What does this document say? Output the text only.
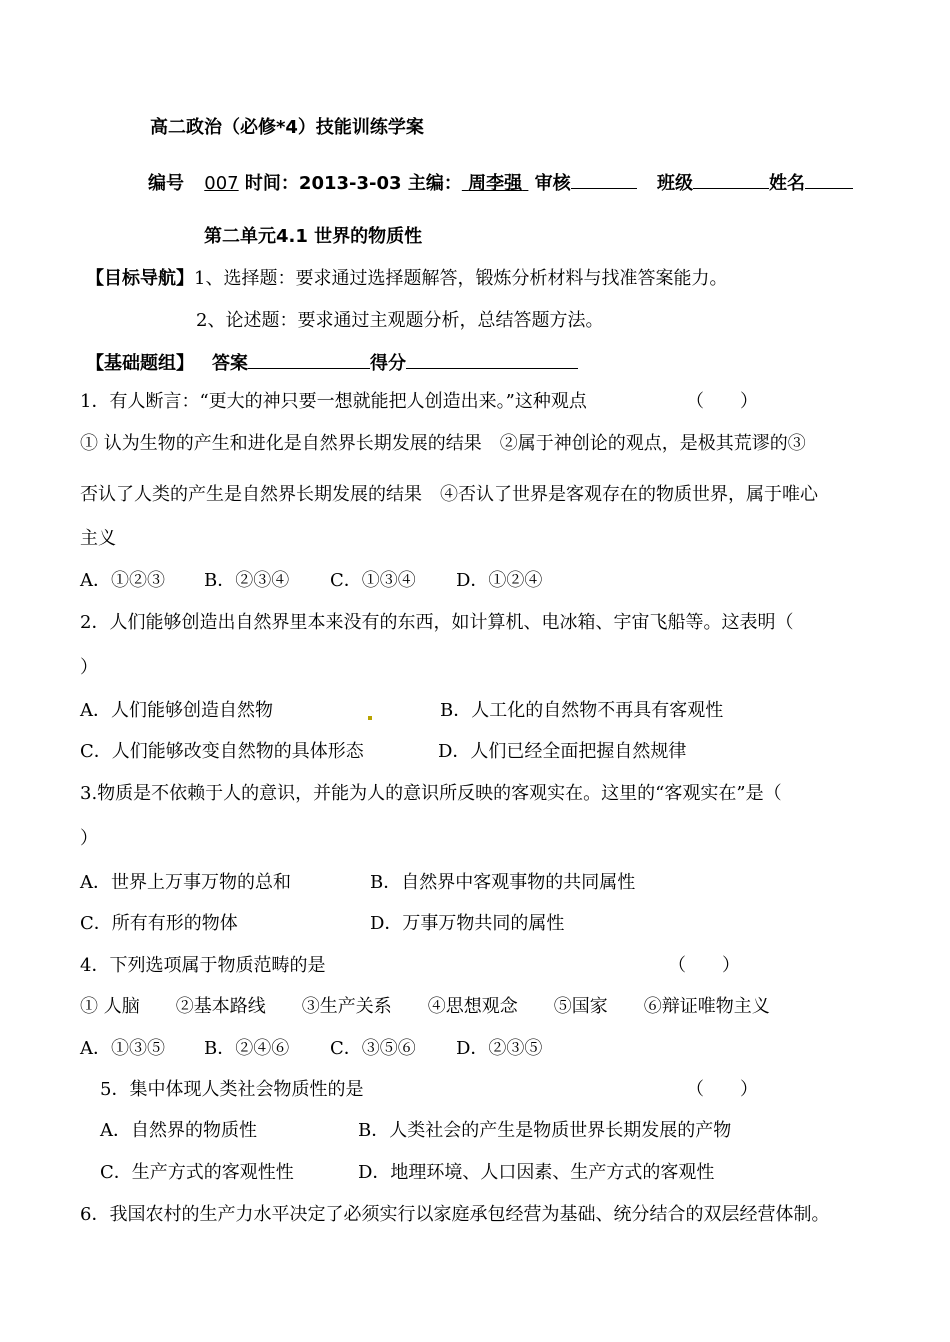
高二政治（必修*4）技能训练学案
编号 007 时间：2013-3-03 主编： 周李强 审核	班级	姓名
第二单元4.1 世界的物质性
【目标导航】1、选择题：要求通过选择题解答，锻炼分析材料与找准答案能力。
2、论述题：要求通过主观题分析，总结答题方法。
【基础题组】 答案	得分
1．有人断言：“更大的神只要一想就能把人创造出来。”这种观点	（　　）
① 认为生物的产生和进化是自然界长期发展的结果　②属于神创论的观点，是极其荒谬的③
否认了人类的产生是自然界长期发展的结果　④否认了世界是客观存在的物质世界，属于唯心
主义
A．①②③ B．②③④ C．①③④ D．①②④
2．人们能够创造出自然界里本来没有的东西，如计算机、电冰箱、宇宙飞船等。这表明（
）
A．人们能够创造自然物	B．人工化的自然物不再具有客观性
C．人们能够改变自然物的具体形态	D．人们已经全面把握自然规律
3.物质是不依赖于人的意识，并能为人的意识所反映的客观实在。这里的“客观实在”是（
）
A．世界上万事万物的总和	B．自然界中客观事物的共同属性
C．所有有形的物体	D．万事万物共同的属性
4．下列选项属于物质范畴的是	（　　）
① 人脑　　②基本路线　　③生产关系　　④思想观念　　⑤国家　　⑥辩证唯物主义
A．①③⑤ B．②④⑥ C．③⑤⑥ D．②③⑤
5．集中体现人类社会物质性的是	（　　）
A．自然界的物质性	B．人类社会的产生是物质世界长期发展的产物
C．生产方式的客观性性	D．地理环境、人口因素、生产方式的客观性
6．我国农村的生产力水平决定了必须实行以家庭承包经营为基础、统分结合的双层经营体制。
